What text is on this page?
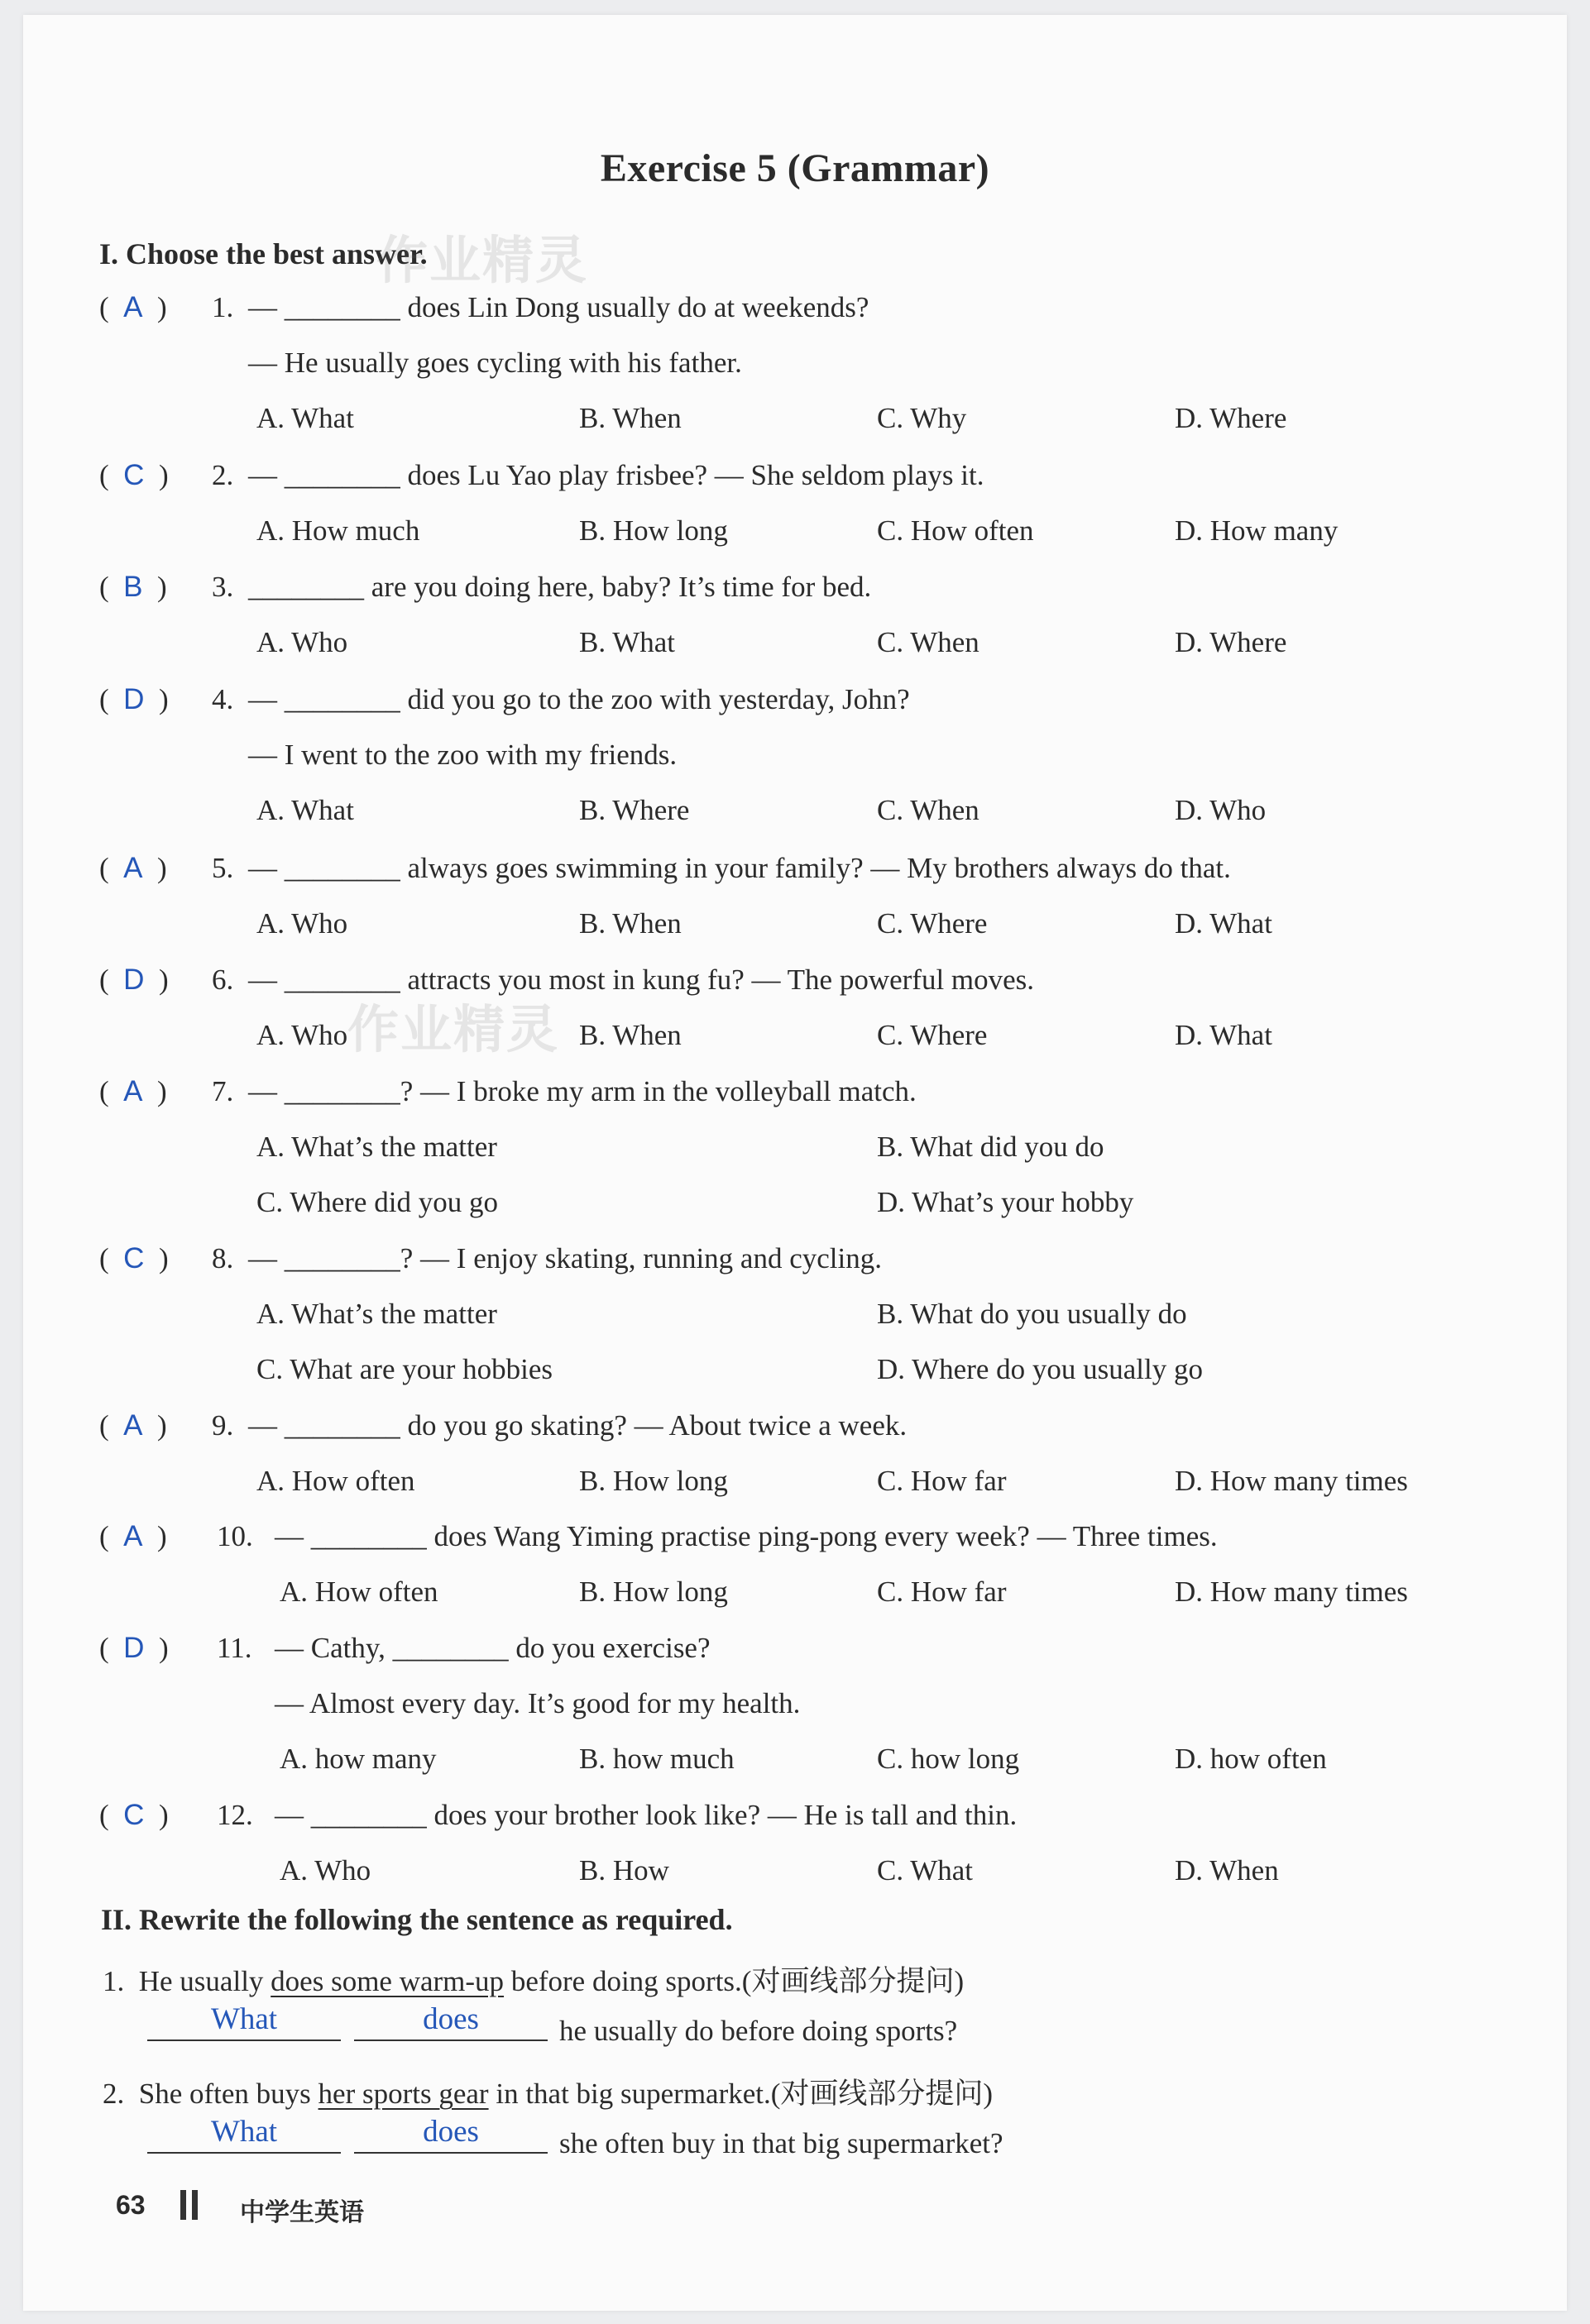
Exercise 5 (Grammar)
I. Choose the best answer.
作业精灵
(  A  ) 1. — ________ does Lin Dong usually do at weekends?
— He usually goes cycling with his father.
A. What	B. When	C. Why	D. Where
(  C  ) 2. — ________ does Lu Yao play frisbee? — She seldom plays it.
A. How much	B. How long	C. How often	D. How many
(  B  ) 3. ________ are you doing here, baby? It’s time for bed.
A. Who	B. What	C. When	D. Where
(  D  ) 4. — ________ did you go to the zoo with yesterday, John?
— I went to the zoo with my friends.
A. What	B. Where	C. When	D. Who
(  A  ) 5. — ________ always goes swimming in your family? — My brothers always do that.
A. Who	B. When	C. Where	D. What
(  D  ) 6. — ________ attracts you most in kung fu? — The powerful moves.
A. Who	B. When	C. Where	D. What
(  A  ) 7. — ________? — I broke my arm in the volleyball match.
A. What’s the matter	B. What did you do
C. Where did you go	D. What’s your hobby
(  C  ) 8. — ________? — I enjoy skating, running and cycling.
A. What’s the matter	B. What do you usually do
C. What are your hobbies	D. Where do you usually go
(  A  ) 9. — ________ do you go skating? — About twice a week.
A. How often	B. How long	C. How far	D. How many times
(  A  ) 10. — ________ does Wang Yiming practise ping-pong every week? — Three times.
A. How often	B. How long	C. How far	D. How many times
(  D  ) 11. — Cathy, ________ do you exercise?
— Almost every day. It’s good for my health.
A. how many	B. how much	C. how long	D. how often
(  C  ) 12. — ________ does your brother look like? — He is tall and thin.
A. Who	B. How	C. What	D. When
作业精灵
II. Rewrite the following the sentence as required.
1. He usually does some warm-up before doing sports.(对画线部分提问)
What	does	he usually do before doing sports?
2. She often buys her sports gear in that big supermarket.(对画线部分提问)
What	does	she often buy in that big supermarket?
63	中学生英语
